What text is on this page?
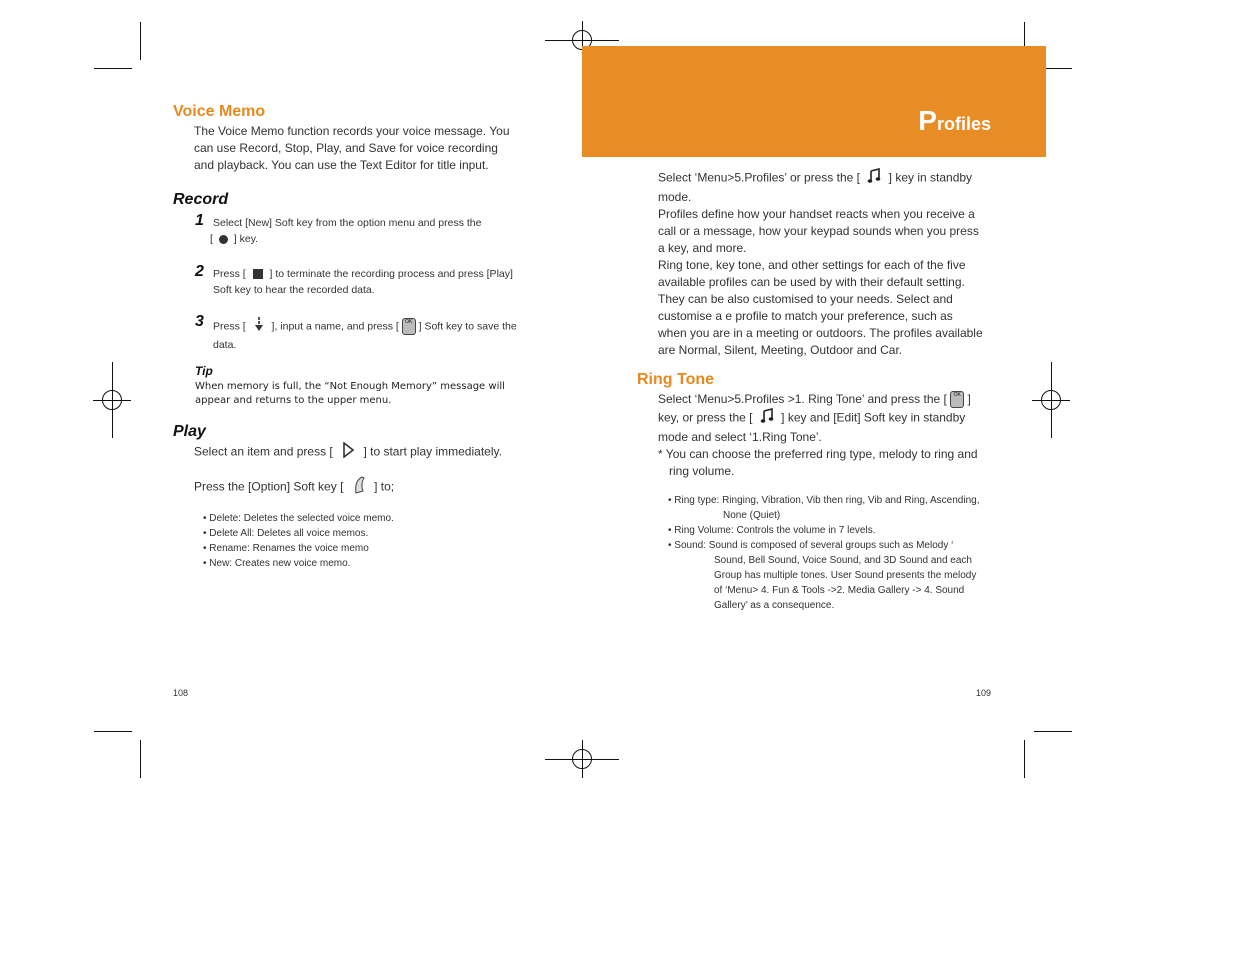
Voice Memo
The Voice Memo function records your voice message. You
can use Record, Stop, Play, and Save for voice recording
and playback. You can use the Text Editor for title input.
Record
1 Select [New] Soft key from the option menu and press the
[ ] key.
2 Press [ ] to terminate the recording process and press [Play]
Soft key to hear the recorded data.
3 Press [ ], input a name, and press [ OK ] Soft key to save the
data.
Tip
When memory is full, the “Not Enough Memory” message will
appear and returns to the upper menu.
Play
Select an item and press [	] to start play immediately.
Press the [Option] Soft key [	] to;
• Delete: Deletes the selected voice memo.
• Delete All: Deletes all voice memos.
• Rename: Renames the voice memo
• New: Creates new voice memo.
108
Profiles
Select ‘Menu>5.Profiles’ or press the [ ] key in standby
mode.
Profiles define how your handset reacts when you receive a
call or a message, how your keypad sounds when you press
a key, and more.
Ring tone, key tone, and other settings for each of the five
available profiles can be used by with their default setting.
They can be also customised to your needs. Select and
customise a e profile to match your preference, such as
when you are in a meeting or outdoors. The profiles available
are Normal, Silent, Meeting, Outdoor and Car.
Ring Tone
Select ‘Menu>5.Profiles >1. Ring Tone’ and press the [ OK ]
key, or press the [ ] key and [Edit] Soft key in standby
mode and select ‘1.Ring Tone’.
* You can choose the preferred ring type, melody to ring and
ring volume.
• Ring type: Ringing, Vibration, Vib then ring, Vib and Ring, Ascending,
None (Quiet)
• Ring Volume: Controls the volume in 7 levels.
• Sound: Sound is composed of several groups such as Melody ‘
Sound, Bell Sound, Voice Sound, and 3D Sound and each
Group has multiple tones. User Sound presents the melody
of ‘Menu> 4. Fun & Tools ->2. Media Gallery -> 4. Sound
Gallery’ as a consequence.
109
